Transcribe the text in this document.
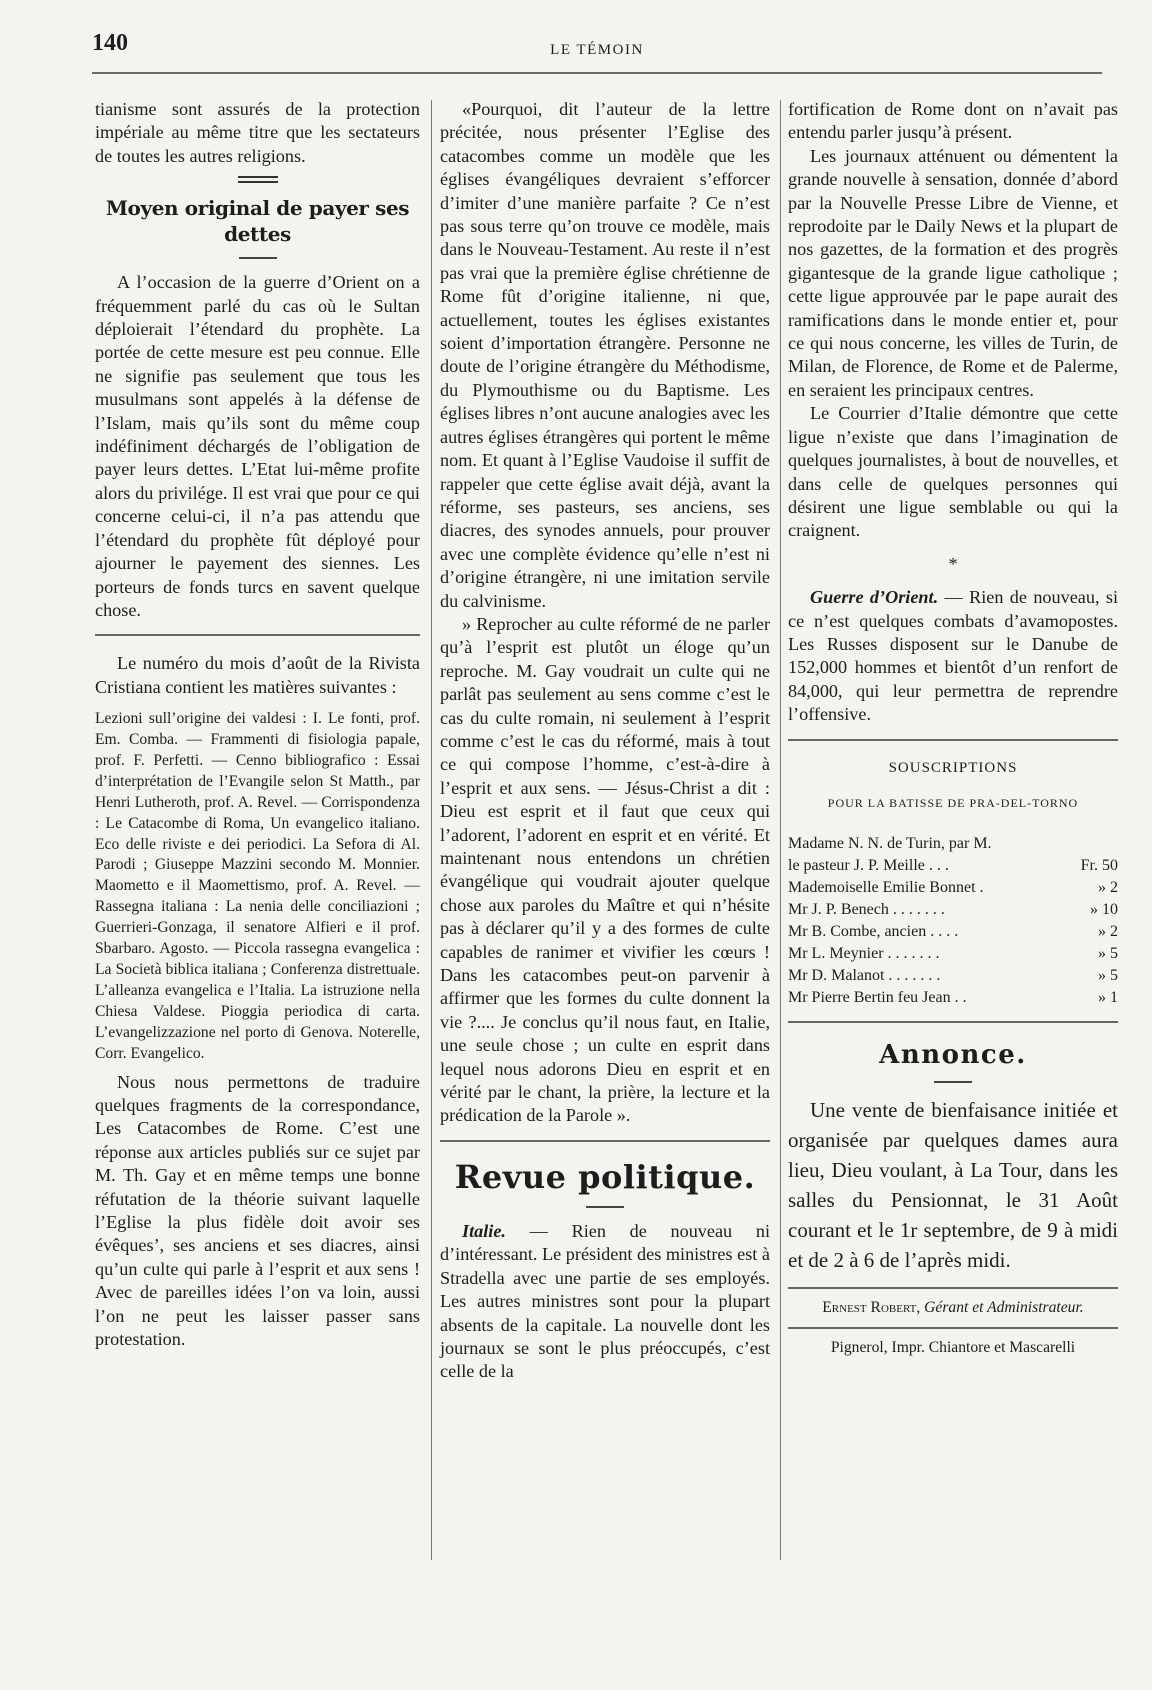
140	LE TÉMOIN

tianisme sont assurés de la protection impériale au même titre que les sectateurs de toutes les autres religions.

Moyen original de payer ses dettes

A l’occasion de la guerre d’Orient on a fréquemment parlé du cas où le Sultan déploierait l’étendard du prophète. La portée de cette mesure est peu connue. Elle ne signifie pas seulement que tous les musulmans sont appelés à la défense de l’Islam, mais qu’ils sont du même coup indéfiniment déchargés de l’obligation de payer leurs dettes. L’Etat lui-même profite alors du privilége. Il est vrai que pour ce qui concerne celui-ci, il n’a pas attendu que l’étendard du prophète fût déployé pour ajourner le payement des siennes. Les porteurs de fonds turcs en savent quelque chose.

Le numéro du mois d’août de la Rivista Cristiana contient les matières suivantes :

Lezioni sull’origine dei valdesi : I. Le fonti, prof. Em. Comba. — Frammenti di fisiologia papale, prof. F. Perfetti. — Cenno bibliografico : Essai d’interprétation de l’Evangile selon St Matth., par Henri Lutheroth, prof. A. Revel. — Corrispondenza : Le Catacombe di Roma, Un evangelico italiano. Eco delle riviste e dei periodici. La Sefora di Al. Parodi ; Giuseppe Mazzini secondo M. Monnier. Maometto e il Maomettismo, prof. A. Revel. — Rassegna italiana : La nenia delle conciliazioni ; Guerrieri-Gonzaga, il senatore Alfieri e il prof. Sbarbaro. Agosto. — Piccola rassegna evangelica : La Società biblica italiana ; Conferenza distrettuale. L’alleanza evangelica e l’Italia. La istruzione nella Chiesa Valdese. Pioggia periodica di carta. L’evangelizzazione nel porto di Genova. Noterelle, Corr. Evangelico.

Nous nous permettons de traduire quelques fragments de la correspondance, Les Catacombes de Rome. C’est une réponse aux articles publiés sur ce sujet par M. Th. Gay et en même temps une bonne réfutation de la théorie suivant laquelle l’Eglise la plus fidèle doit avoir ses évêques’, ses anciens et ses diacres, ainsi qu’un culte qui parle à l’esprit et aux sens ! Avec de pareilles idées l’on va loin, aussi l’on ne peut les laisser passer sans protestation.

«Pourquoi, dit l’auteur de la lettre précitée, nous présenter l’Eglise des catacombes comme un modèle que les églises évangéliques devraient s’efforcer d’imiter d’une manière parfaite ? Ce n’est pas sous terre qu’on trouve ce modèle, mais dans le Nouveau-Testament. Au reste il n’est pas vrai que la première église chrétienne de Rome fût d’origine italienne, ni que, actuellement, toutes les églises existantes soient d’importation étrangère. Personne ne doute de l’origine étrangère du Méthodisme, du Plymouthisme ou du Baptisme. Les églises libres n’ont aucune analogies avec les autres églises étrangères qui portent le même nom. Et quant à l’Eglise Vaudoise il suffit de rappeler que cette église avait déjà, avant la réforme, ses pasteurs, ses anciens, ses diacres, des synodes annuels, pour prouver avec une complète évidence qu’elle n’est ni d’origine étrangère, ni une imitation servile du calvinisme.

» Reprocher au culte réformé de ne parler qu’à l’esprit est plutôt un éloge qu’un reproche. M. Gay voudrait un culte qui ne parlât pas seulement au sens comme c’est le cas du culte romain, ni seulement à l’esprit comme c’est le cas du réformé, mais à tout ce qui compose l’homme, c’est-à-dire à l’esprit et aux sens. — Jésus-Christ a dit : Dieu est esprit et il faut que ceux qui l’adorent, l’adorent en esprit et en vérité. Et maintenant nous entendons un chrétien évangélique qui voudrait ajouter quelque chose aux paroles du Maître et qui n’hésite pas à déclarer qu’il y a des formes de culte capables de ranimer et vivifier les cœurs ! Dans les catacombes peut-on parvenir à affirmer que les formes du culte donnent la vie ?.... Je conclus qu’il nous faut, en Italie, une seule chose ; un culte en esprit dans lequel nous adorons Dieu en esprit et en vérité par le chant, la prière, la lecture et la prédication de la Parole ».

Revue politique.

Italie. — Rien de nouveau ni d’intéressant. Le président des ministres est à Stradella avec une partie de ses employés. Les autres ministres sont pour la plupart absents de la capitale. La nouvelle dont les journaux se sont le plus préoccupés, c’est celle de la

fortification de Rome dont on n’avait pas entendu parler jusqu’à présent.

Les journaux atténuent ou démentent la grande nouvelle à sensation, donnée d’abord par la Nouvelle Presse Libre de Vienne, et reprodoite par le Daily News et la plupart de nos gazettes, de la formation et des progrès gigantesque de la grande ligue catholique ; cette ligue approuvée par le pape aurait des ramifications dans le monde entier et, pour ce qui nous concerne, les villes de Turin, de Milan, de Florence, de Rome et de Palerme, en seraient les principaux centres.

Le Courrier d’Italie démontre que cette ligue n’existe que dans l’imagination de quelques journalistes, à bout de nouvelles, et dans celle de quelques personnes qui désirent une ligue semblable ou qui la craignent.

*

Guerre d’Orient. — Rien de nouveau, si ce n’est quelques combats d’avamopostes. Les Russes disposent sur le Danube de 152,000 hommes et bientôt d’un renfort de 84,000, qui leur permettra de reprendre l’offensive.

SOUSCRIPTIONS
POUR LA BATISSE DE PRA-DEL-TORNO
Madame N. N. de Turin, par M.
le pasteur J. P. Meille . . .	Fr. 50
Mademoiselle Emilie Bonnet .	» 2
Mr J. P. Benech . . . . . . .	» 10
Mr B. Combe, ancien . . . .	» 2
Mr L. Meynier . . . . . . .	» 5
Mr D. Malanot . . . . . . .	» 5
Mr Pierre Bertin feu Jean . .	» 1
Annonce.

Une vente de bienfaisance initiée et organisée par quelques dames aura lieu, Dieu voulant, à La Tour, dans les salles du Pensionnat, le 31 Août courant et le 1r septembre, de 9 à midi et de 2 à 6 de l’après midi.

Ernest Robert, Gérant et Administrateur.

Pignerol, Impr. Chiantore et Mascarelli
